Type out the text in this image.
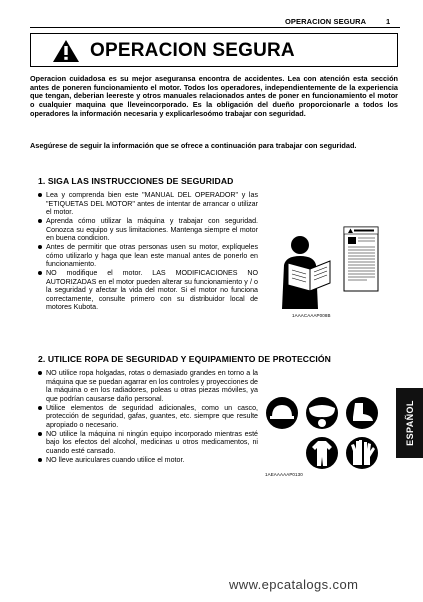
OPERACION SEGURA	1
OPERACION SEGURA
Operacion cuidadosa es su mejor aseguransa encontra de accidentes. Lea con atención esta sección antes de poneren funcionamiento el motor. Todos los operadores, independientemente de la experiencia que tengan, deberian leereste y otros manuales relacionados antes de poner en funcionamiento el motor o cualquier maquina que lleveincorporado. Es la obligación del dueño proporcionarle a todos los operadores la información necesaria y explicarlesoómo trabajar con seguridad.
Asegúrese de seguir la información que se ofrece a continuación para trabajar con seguridad.
1. SIGA LAS INSTRUCCIONES DE SEGURIDAD
Lea y comprenda bien este "MANUAL DEL OPERADOR" y las "ETIQUETAS DEL MOTOR" antes de intentar de arrancar o utilizar el motor.
Aprenda cómo utilizar la máquina y trabajar con seguridad. Conozca su equipo y sus limitaciones. Mantenga siempre el motor en buena condicion.
Antes de permitir que otras personas usen su motor, explíqueles cómo utilizarlo y haga que lean este manual antes de ponerlo en funcionamiento.
NO modifique el motor. LAS MODIFICACIONES NO AUTORIZADAS en el motor pueden alterar su funcionamiento y / o la seguridad y afectar la vida del motor. Si el motor no funciona correctamente, consulte primero con su distribuidor local de motores Kubota.
1AAACAAAP008B
2. UTILICE ROPA DE SEGURIDAD Y EQUIPAMIENTO DE PROTECCIÓN
NO utilice ropa holgadas, rotas o demasiado grandes en torno a la máquina que se puedan agarrar en los controles y proyecciones de la máquina o en los radiadores, poleas u otras piezas móviles, ya que podrían causarse daño personal.
Utilice elementos de seguridad adicionales, como un casco, protección de seguridad, gafas, guantes, etc. siempre que resulte apropiado o necesario.
NO utilice la máquina ni ningún equipo incorporado mientras esté bajo los efectos del alcohol, medicinas u otros medicamentos, ni cuando esté cansado.
NO lleve auriculares cuando utilice el motor.
1AEAAAAAP0130
ESPAÑOL
www.epcatalogs.com
